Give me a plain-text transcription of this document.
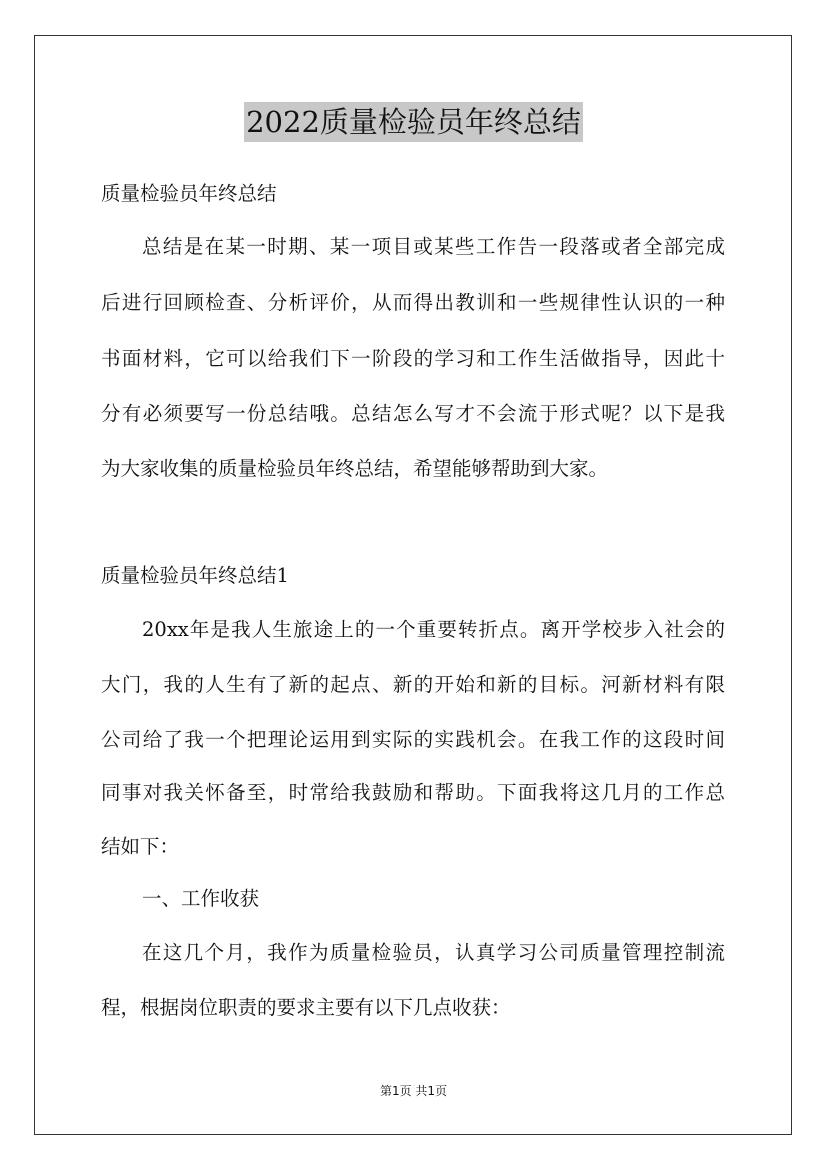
2022质量检验员年终总结
质量检验员年终总结
总结是在某一时期、某一项目或某些工作告一段落或者全部完成
后进行回顾检查、分析评价，从而得出教训和一些规律性认识的一种
书面材料，它可以给我们下一阶段的学习和工作生活做指导，因此十
分有必须要写一份总结哦。总结怎么写才不会流于形式呢？以下是我
为大家收集的质量检验员年终总结，希望能够帮助到大家。
质量检验员年终总结1
20xx年是我人生旅途上的一个重要转折点。离开学校步入社会的
大门，我的人生有了新的起点、新的开始和新的目标。河新材料有限
公司给了我一个把理论运用到实际的实践机会。在我工作的这段时间
同事对我关怀备至，时常给我鼓励和帮助。下面我将这几月的工作总
结如下：
一、工作收获
在这几个月，我作为质量检验员，认真学习公司质量管理控制流
程，根据岗位职责的要求主要有以下几点收获：
第1页 共1页
